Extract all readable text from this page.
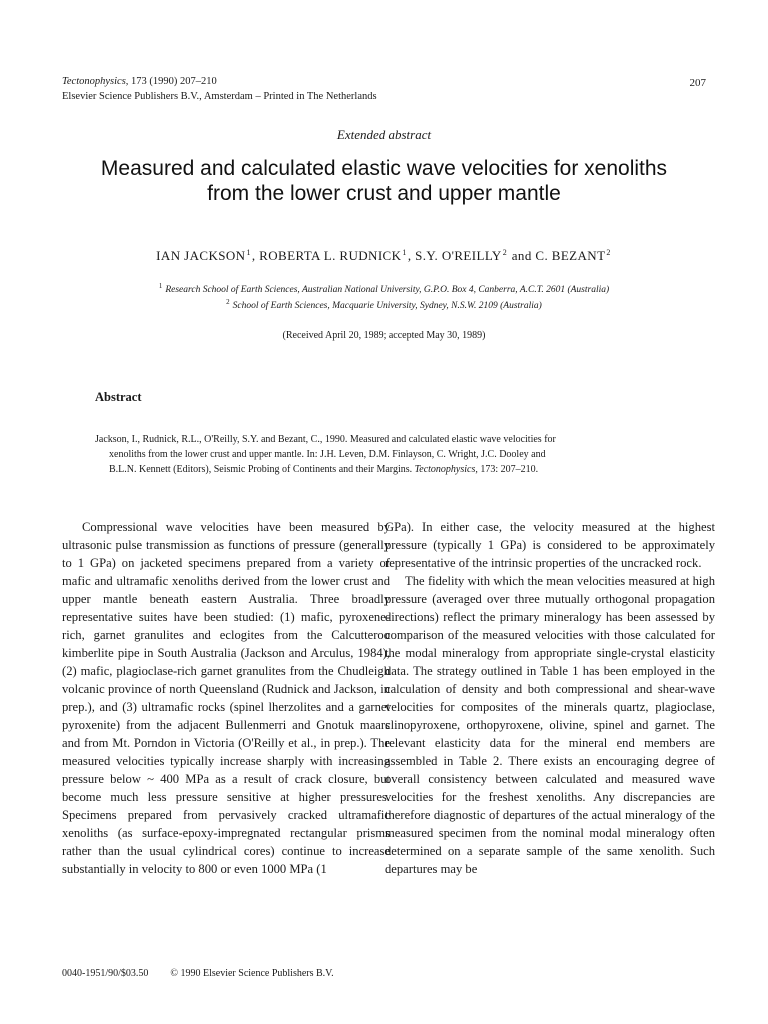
Tectonophysics, 173 (1990) 207–210
Elsevier Science Publishers B.V., Amsterdam – Printed in The Netherlands
207
Extended abstract
Measured and calculated elastic wave velocities for xenoliths
from the lower crust and upper mantle
IAN JACKSON$^1$, ROBERTA L. RUDNICK$^1$, S.Y. O'REILLY$^2$ and C. BEZANT$^2$
$^1$ Research School of Earth Sciences, Australian National University, G.P.O. Box 4, Canberra, A.C.T. 2601 (Australia)
$^2$ School of Earth Sciences, Macquarie University, Sydney, N.S.W. 2109 (Australia)
(Received April 20, 1989; accepted May 30, 1989)
Abstract
Jackson, I., Rudnick, R.L., O'Reilly, S.Y. and Bezant, C., 1990. Measured and calculated elastic wave velocities for
xenoliths from the lower crust and upper mantle. In: J.H. Leven, D.M. Finlayson, C. Wright, J.C. Dooley and
B.L.N. Kennett (Editors), Seismic Probing of Continents and their Margins. Tectonophysics, 173: 207–210.

Compressional wave velocities have been measured by ultrasonic pulse transmission as functions of pressure (generally to 1 GPa) on jacketed specimens prepared from a variety of mafic and ultramafic xenoliths derived from the lower crust and upper mantle beneath eastern Australia. Three broadly representative suites have been studied: (1) mafic, pyroxene-rich, garnet granulites and eclogites from the Calcutteroo kimberlite pipe in South Australia (Jackson and Arculus, 1984), (2) mafic, plagioclase-rich garnet granulites from the Chudleigh volcanic province of north Queensland (Rudnick and Jackson, in prep.), and (3) ultramafic rocks (spinel lherzolites and a garnet pyroxenite) from the adjacent Bullenmerri and Gnotuk maars and from Mt. Porndon in Victoria (O'Reilly et al., in prep.). The measured velocities typically increase sharply with increasing pressure below ~ 400 MPa as a result of crack closure, but become much less pressure sensitive at higher pressures. Specimens prepared from pervasively cracked ultramafic xenoliths (as surface-epoxy-impregnated rectangular prisms rather than the usual cylindrical cores) continue to increase substantially in velocity to 800 or even 1000 MPa (1

GPa). In either case, the velocity measured at the highest pressure (typically 1 GPa) is considered to be approximately representative of the intrinsic properties of the uncracked rock.

The fidelity with which the mean velocities measured at high pressure (averaged over three mutually orthogonal propagation directions) reflect the primary mineralogy has been assessed by comparison of the measured velocities with those calculated for the modal mineralogy from appropriate single-crystal elasticity data. The strategy outlined in Table 1 has been employed in the calculation of density and both compressional and shear-wave velocities for composites of the minerals quartz, plagioclase, clinopyroxene, orthopyroxene, olivine, spinel and garnet. The relevant elasticity data for the mineral end members are assembled in Table 2. There exists an encouraging degree of overall consistency between calculated and measured wave velocities for the freshest xenoliths. Any discrepancies are therefore diagnostic of departures of the actual mineralogy of the measured specimen from the nominal modal mineralogy often determined on a separate sample of the same xenolith. Such departures may be

0040-1951/90/$03.50 © 1990 Elsevier Science Publishers B.V.
